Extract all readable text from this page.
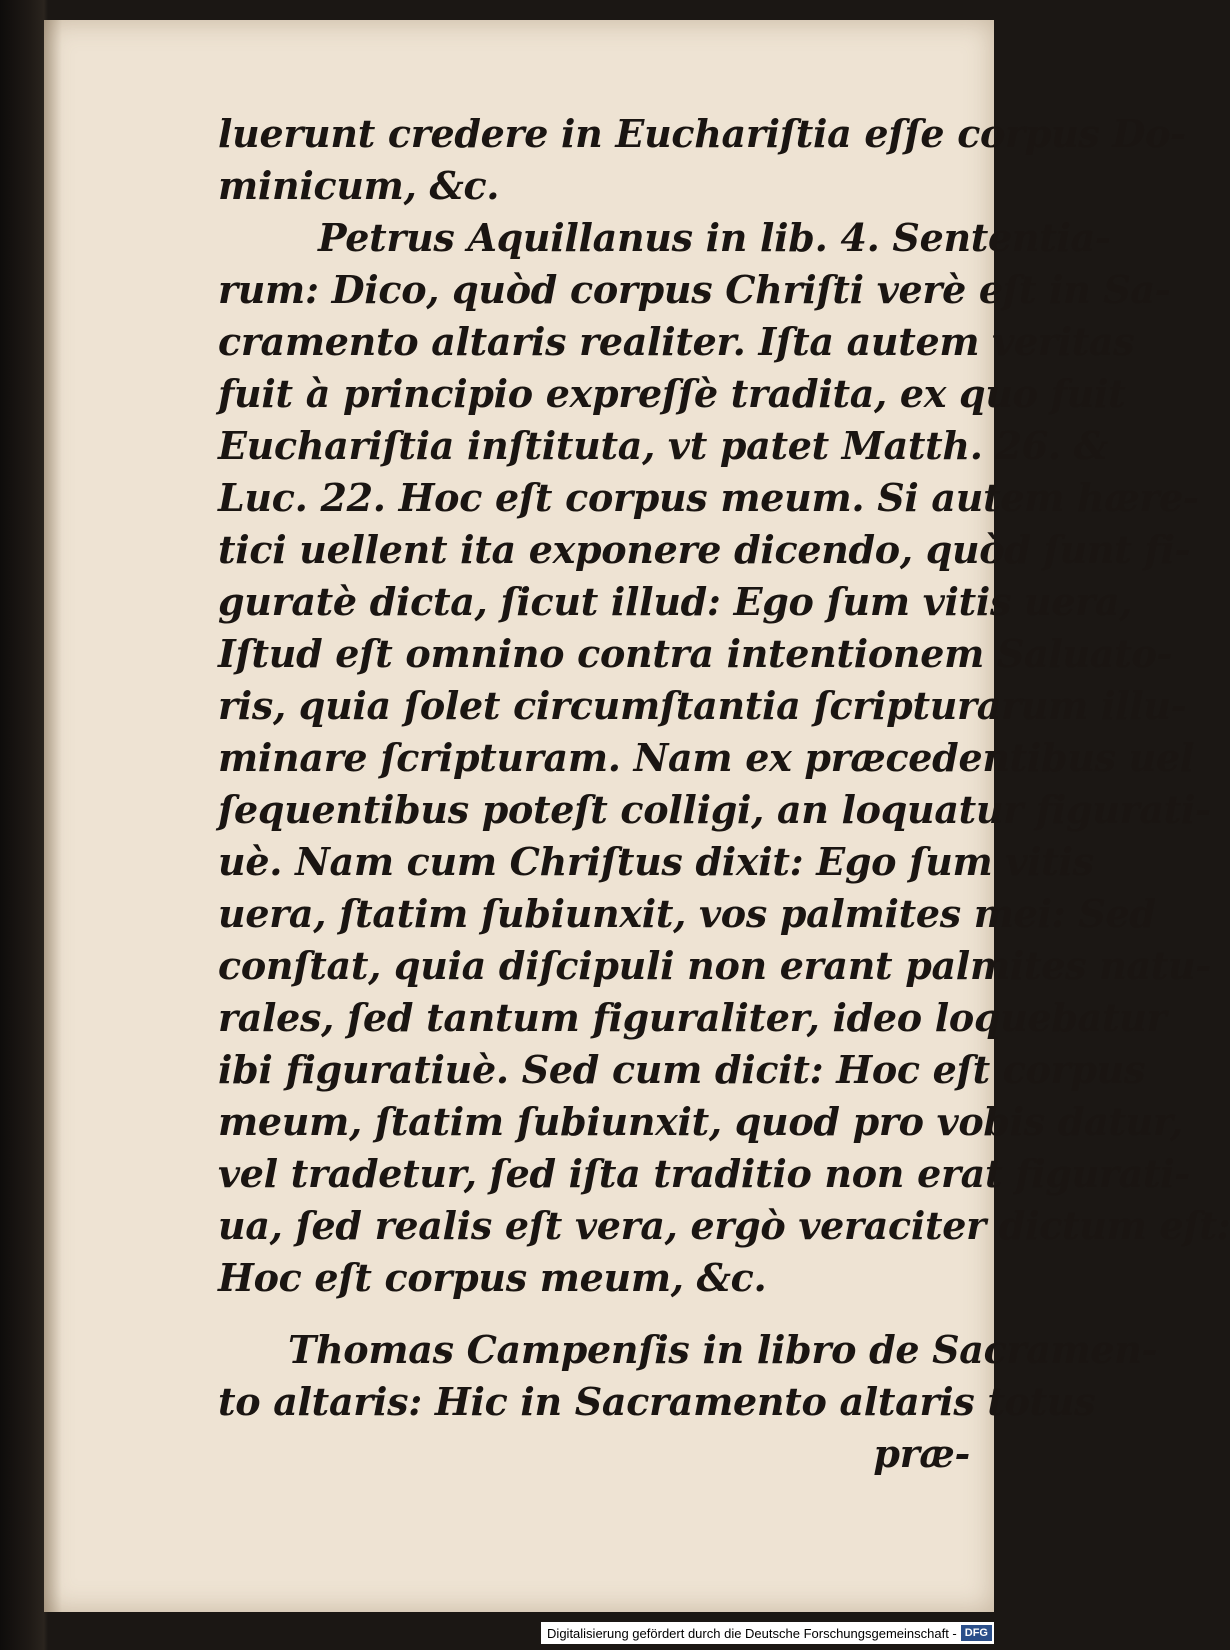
luerunt credere in Euchariſtia eſſe corpus Do-
minicum, &c.
Petrus Aquillanus in lib. 4. Sententia-
rum: Dico, quòd corpus Chriſti verè eſt in Sa-
cramento altaris realiter. Iſta autem veritas
fuit à principio expreſſè tradita, ex quo fuit
Euchariſtia inſtituta, vt patet Matth. 26. &
Luc. 22. Hoc eſt corpus meum. Si autem hære-
tici uellent ita exponere dicendo, quòd ſunt fi-
guratè dicta, ſicut illud: Ego ſum vitis uera,
Iſtud eſt omnino contra intentionem Saluato-
ris, quia ſolet circumſtantia ſcripturarum illu-
minare ſcripturam. Nam ex præcedentibus uel
ſequentibus poteſt colligi, an loquatur figurati-
uè. Nam cum Chriſtus dixit: Ego ſum vitis
uera, ſtatim ſubiunxit, vos palmites mei: Sed
conſtat, quia diſcipuli non erant palmites natu-
rales, ſed tantum figuraliter, ideo loquebatur
ibi figuratiuè. Sed cum dicit: Hoc eſt corpus
meum, ſtatim ſubiunxit, quod pro vobis datur,
vel tradetur, ſed iſta traditio non erat figurati-
ua, ſed realis eſt vera, ergò veraciter dictum eſt:
Hoc eſt corpus meum, &c.
Thomas Campenſis in libro de Sacramen-
to altaris: Hic in Sacramento altaris totus
præ-
Digitalisierung gefördert durch die Deutsche Forschungsgemeinschaft - DFG
